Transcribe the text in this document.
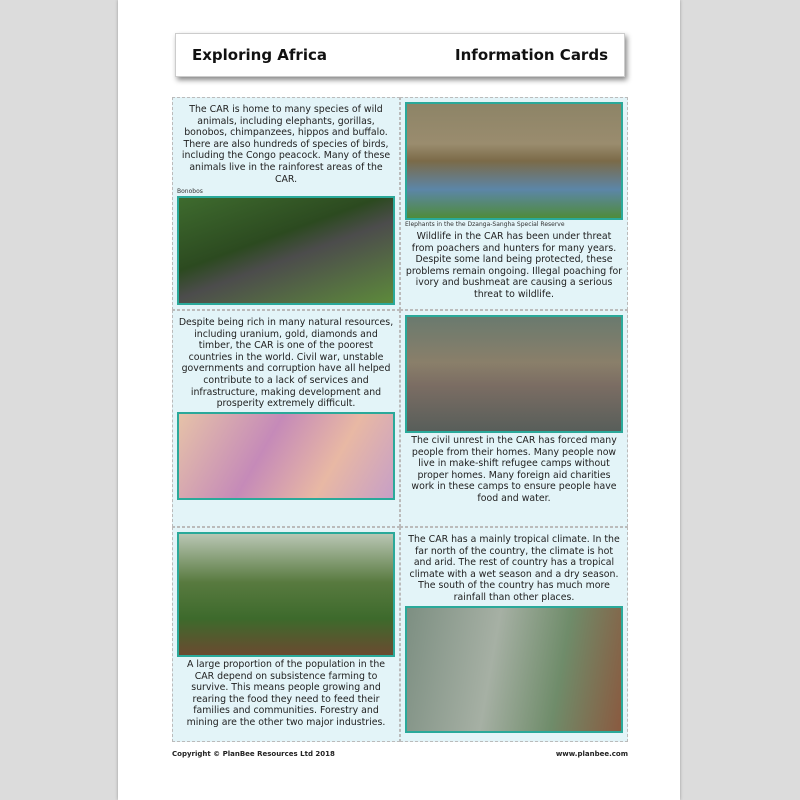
Exploring Africa	Information Cards
The CAR is home to many species of wild animals, including elephants, gorillas, bonobos, chimpanzees, hippos and buffalo. There are also hundreds of species of birds, including the Congo peacock. Many of these animals live in the rainforest areas of the CAR.
Bonobos
Elephants in the the Dzanga-Sangha Special Reserve
Wildlife in the CAR has been under threat from poachers and hunters for many years. Despite some land being protected, these problems remain ongoing. Illegal poaching for ivory and bushmeat are causing a serious threat to wildlife.
Despite being rich in many natural resources, including uranium, gold, diamonds and timber, the CAR is one of the poorest countries in the world. Civil war, unstable governments and corruption have all helped contribute to a lack of services and infrastructure, making development and prosperity extremely difficult.
The civil unrest in the CAR has forced many people from their homes. Many people now live in make-shift refugee camps without proper homes. Many foreign aid charities work in these camps to ensure people have food and water.
A large proportion of the population in the CAR depend on subsistence farming to survive. This means people growing and rearing the food they need to feed their families and communities. Forestry and mining are the other two major industries.
The CAR has a mainly tropical climate. In the far north of the country, the climate is hot and arid. The rest of country has a tropical climate with a wet season and a dry season. The south of the country has much more rainfall than other places.
Copyright © PlanBee Resources Ltd 2018	www.planbee.com
